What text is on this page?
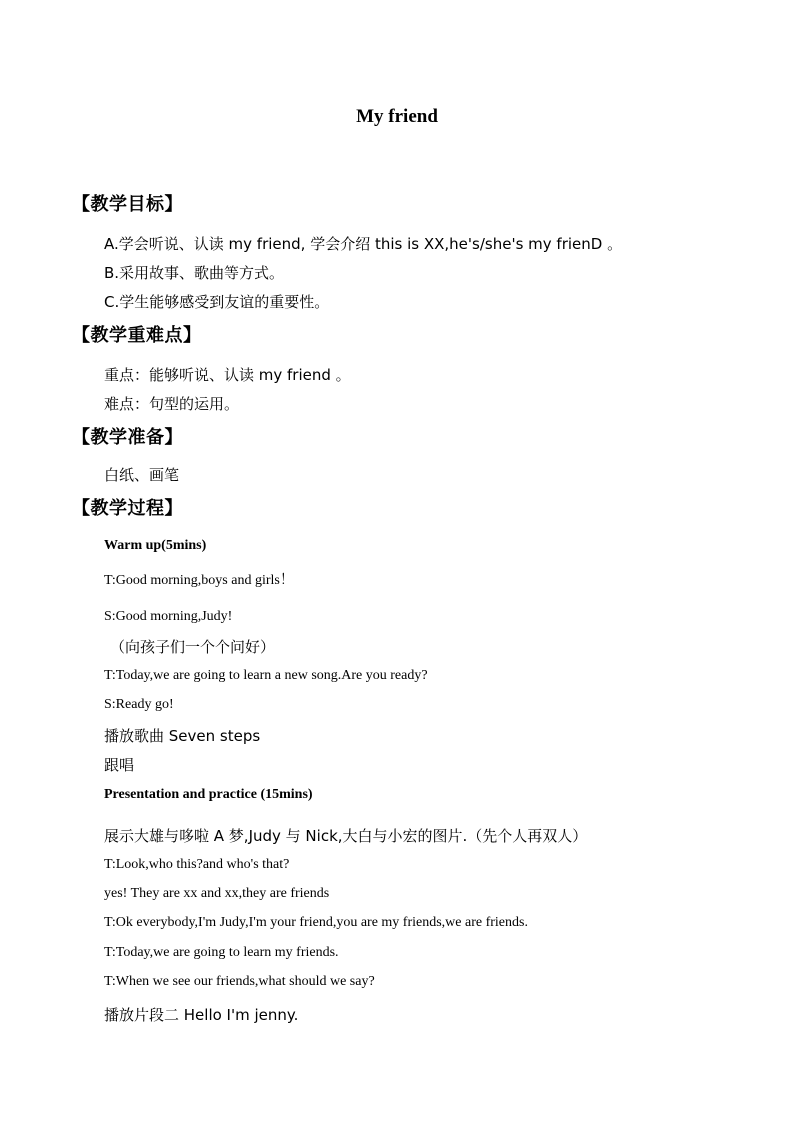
My friend
【教学目标】
A.学会听说、认读 my friend, 学会介绍 this is XX,he's/she's my frienD 。
B.采用故事、歌曲等方式。
C.学生能够感受到友谊的重要性。
【教学重难点】
重点：能够听说、认读 my friend 。
难点：句型的运用。
【教学准备】
白纸、画笔
【教学过程】
Warm up(5mins)
T:Good morning,boys and girls！
S:Good morning,Judy!
（向孩子们一个个问好）
T:Today,we are going to learn a new song.Are you ready?
S:Ready go!
播放歌曲 Seven steps
跟唱
Presentation and practice (15mins)
展示大雄与哆啦 A 梦,Judy 与 Nick,大白与小宏的图片.（先个人再双人）
T:Look,who this?and who's that?
yes! They are xx and xx,they are friends
T:Ok everybody,I'm Judy,I'm your friend,you are my friends,we are friends.
T:Today,we are going to learn my friends.
T:When we see our friends,what should we say?
播放片段二 Hello I'm jenny.
